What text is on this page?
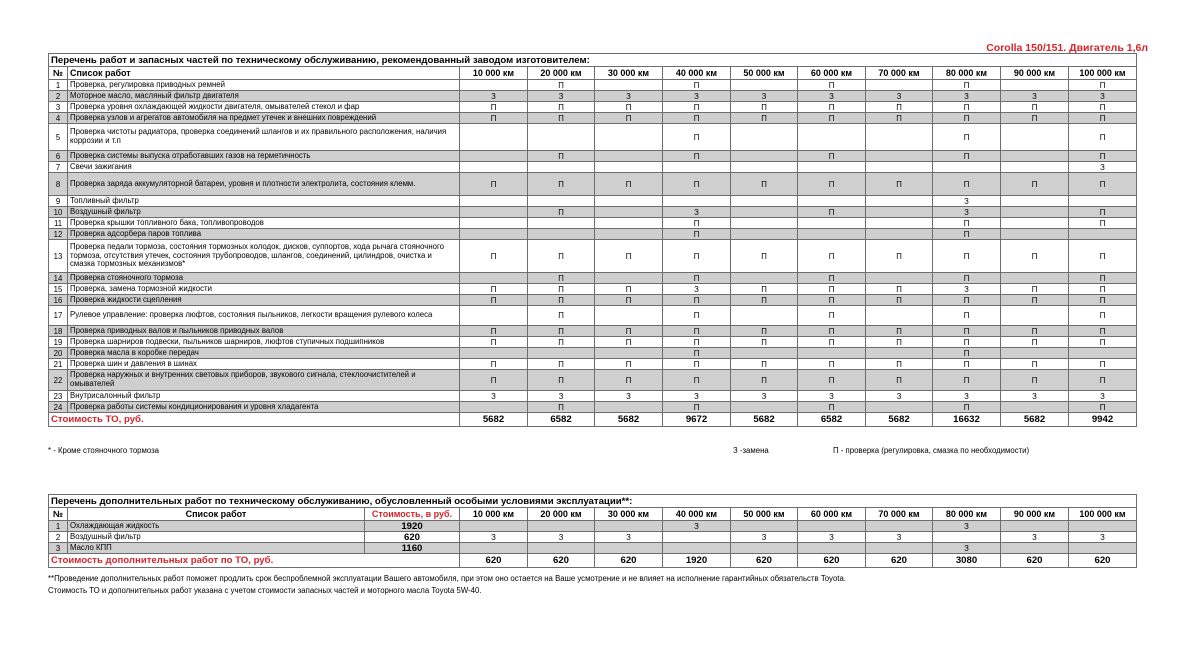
Corolla 150/151. Двигатель 1,6л
Перечень работ и запасных частей по техническому обслуживанию, рекомендованный заводом изготовителем:											
№	Список работ	10 000 км	20 000 км	30 000 км	40 000 км	50 000 км	60 000 км	70 000 км	80 000 км	90 000 км	100 000 км
1	Проверка, регулировка приводных ремней		П		П		П		П		П
2	Моторное масло, масляный фильтр двигателя	З	З	З	З	З	З	З	З	З	З
3	Проверка уровня охлаждающей жидкости двигателя, омывателей стекол и фар	П	П	П	П	П	П	П	П	П	П
4	Проверка узлов и агрегатов автомобиля на предмет утечек и внешних повреждений	П	П	П	П	П	П	П	П	П	П
5	Проверка чистоты радиатора, проверка соединений шлангов и их правильного расположения, наличия коррозии и т.п				П				П		П
6	Проверка системы выпуска отработавших газов на герметичность		П		П		П		П		П
7	Свечи зажигания										З
8	Проверка заряда аккумуляторной батареи, уровня и плотности электролита, состояния клемм.	П	П	П	П	П	П	П	П	П	П
9	Топливный фильтр								З		
10	Воздушный фильтр		П		З		П		З		П
11	Проверка крышки топливного бака, топливопроводов				П				П		П
12	Проверка адсорбера паров топлива				П				П		
13	Проверка педали тормоза, состояния тормозных колодок, дисков, суппортов, хода рычага стояночного тормоза, отсутствия утечек, состояния трубопроводов, шлангов, соединений, цилиндров, очистка и смазка тормозных механизмов*	П	П	П	П	П	П	П	П	П	П
14	Проверка стояночного тормоза		П		П		П		П		П
15	Проверка, замена тормозной жидкости	П	П	П	З	П	П	П	З	П	П
16	Проверка жидкости сцепления	П	П	П	П	П	П	П	П	П	П
17	Рулевое управление: проверка люфтов, состояния пыльников, легкости вращения рулевого колеса		П		П		П		П		П
18	Проверка приводных валов и пыльников приводных валов	П	П	П	П	П	П	П	П	П	П
19	Проверка шарниров подвески, пыльников шарниров, люфтов ступичных подшипников	П	П	П	П	П	П	П	П	П	П
20	Проверка масла в коробке передач				П				П		
21	Проверка шин и давления в шинах	П	П	П	П	П	П	П	П	П	П
22	Проверка наружных и внутренних световых приборов, звукового сигнала, стеклоочистителей и омывателей	П	П	П	П	П	П	П	П	П	П
23	Внутрисалонный фильтр	З	З	З	З	З	З	З	З	З	З
24	Проверка работы системы кондиционирования и уровня хладагента		П		П		П		П		П
Стоимость ТО, руб.		5682	6582	5682	9672	5682	6582	5682	16632	5682	9942
* - Кроме стояночного тормоза	З -замена	П - проверка (регулировка, смазка по необходимости)
Перечень дополнительных работ по техническому обслуживанию, обусловленный особыми условиями эксплуатации**:												
№	Список работ	Стоимость, в руб.	10 000 км	20 000 км	30 000 км	40 000 км	50 000 км	60 000 км	70 000 км	80 000 км	90 000 км	100 000 км
1	Охлаждающая жидкость	1920				З				З		
2	Воздушный фильтр	620	З	З	З		З	З	З		З	З
3	Масло КПП	1160								З		
Стоимость дополнительных работ по ТО, руб.			620	620	620	1920	620	620	620	3080	620	620
**Проведение дополнительных работ поможет продлить срок беспроблемной эксплуатации Вашего автомобиля, при этом оно остается на Ваше усмотрение и не влияет на исполнение гарантийных обязательств Toyota.
Стоимость ТО и дополнительных работ указана с учетом стоимости запасных частей и моторного масла Toyota 5W-40.
